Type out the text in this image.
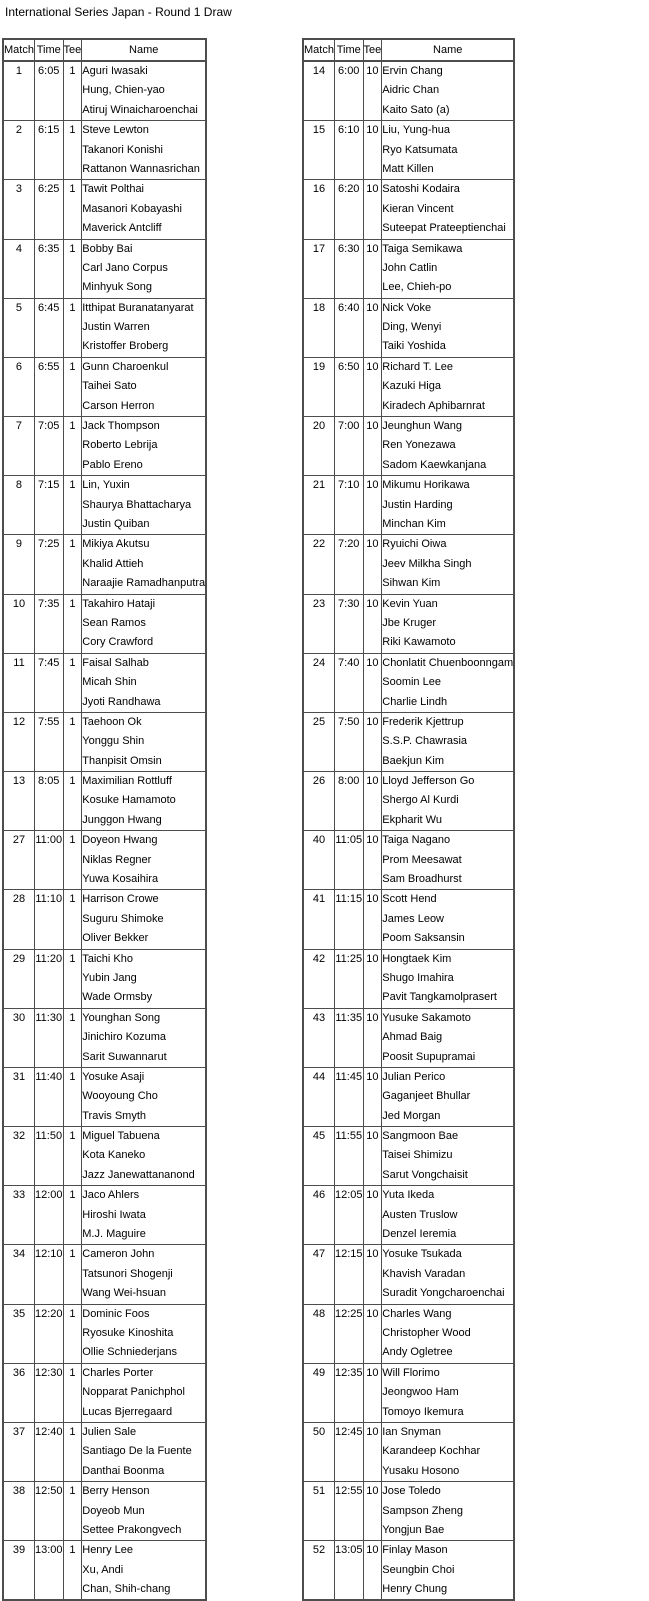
International Series Japan - Round 1 Draw
Match	Time	Tee	Name
1	6:05	1	Aguri Iwasaki
Hung, Chien-yao
Atiruj Winaicharoenchai

2	6:15	1	Steve Lewton
Takanori Konishi
Rattanon Wannasrichan

3	6:25	1	Tawit Polthai
Masanori Kobayashi
Maverick Antcliff

4	6:35	1	Bobby Bai
Carl Jano Corpus
Minhyuk Song

5	6:45	1	Itthipat Buranatanyarat
Justin Warren
Kristoffer Broberg

6	6:55	1	Gunn Charoenkul
Taihei Sato
Carson Herron

7	7:05	1	Jack Thompson
Roberto Lebrija
Pablo Ereno

8	7:15	1	Lin, Yuxin
Shaurya Bhattacharya
Justin Quiban

9	7:25	1	Mikiya Akutsu
Khalid Attieh
Naraajie Ramadhanputra

10	7:35	1	Takahiro Hataji
Sean Ramos
Cory Crawford

11	7:45	1	Faisal Salhab
Micah Shin
Jyoti Randhawa

12	7:55	1	Taehoon Ok
Yonggu Shin
Thanpisit Omsin

13	8:05	1	Maximilian Rottluff
Kosuke Hamamoto
Junggon Hwang

27	11:00	1	Doyeon Hwang
Niklas Regner
Yuwa Kosaihira

28	11:10	1	Harrison Crowe
Suguru Shimoke
Oliver Bekker

29	11:20	1	Taichi Kho
Yubin Jang
Wade Ormsby

30	11:30	1	Younghan Song
Jinichiro Kozuma
Sarit Suwannarut

31	11:40	1	Yosuke Asaji
Wooyoung Cho
Travis Smyth

32	11:50	1	Miguel Tabuena
Kota Kaneko
Jazz Janewattananond

33	12:00	1	Jaco Ahlers
Hiroshi Iwata
M.J. Maguire

34	12:10	1	Cameron John
Tatsunori Shogenji
Wang Wei-hsuan

35	12:20	1	Dominic Foos
Ryosuke Kinoshita
Ollie Schniederjans

36	12:30	1	Charles Porter
Nopparat Panichphol
Lucas Bjerregaard

37	12:40	1	Julien Sale
Santiago De la Fuente
Danthai Boonma

38	12:50	1	Berry Henson
Doyeob Mun
Settee Prakongvech

39	13:00	1	Henry Lee
Xu, Andi
Chan, Shih-chang
Match	Time	Tee	Name
14	6:00	10	Ervin Chang
Aidric Chan
Kaito Sato (a)

15	6:10	10	Liu, Yung-hua
Ryo Katsumata
Matt Killen

16	6:20	10	Satoshi Kodaira
Kieran Vincent
Suteepat Prateeptienchai

17	6:30	10	Taiga Semikawa
John Catlin
Lee, Chieh-po

18	6:40	10	Nick Voke
Ding, Wenyi
Taiki Yoshida

19	6:50	10	Richard T. Lee
Kazuki Higa
Kiradech Aphibarnrat

20	7:00	10	Jeunghun Wang
Ren Yonezawa
Sadom Kaewkanjana

21	7:10	10	Mikumu Horikawa
Justin Harding
Minchan Kim

22	7:20	10	Ryuichi Oiwa
Jeev Milkha Singh
Sihwan Kim

23	7:30	10	Kevin Yuan
Jbe Kruger
Riki Kawamoto

24	7:40	10	Chonlatit Chuenboonngam
Soomin Lee
Charlie Lindh

25	7:50	10	Frederik Kjettrup
S.S.P. Chawrasia
Baekjun Kim

26	8:00	10	Lloyd Jefferson Go
Shergo Al Kurdi
Ekpharit Wu

40	11:05	10	Taiga Nagano
Prom Meesawat
Sam Broadhurst

41	11:15	10	Scott Hend
James Leow
Poom Saksansin

42	11:25	10	Hongtaek Kim
Shugo Imahira
Pavit Tangkamolprasert

43	11:35	10	Yusuke Sakamoto
Ahmad Baig
Poosit Supupramai

44	11:45	10	Julian Perico
Gaganjeet Bhullar
Jed Morgan

45	11:55	10	Sangmoon Bae
Taisei Shimizu
Sarut Vongchaisit

46	12:05	10	Yuta Ikeda
Austen Truslow
Denzel Ieremia

47	12:15	10	Yosuke Tsukada
Khavish Varadan
Suradit Yongcharoenchai

48	12:25	10	Charles Wang
Christopher Wood
Andy Ogletree

49	12:35	10	Will Florimo
Jeongwoo Ham
Tomoyo Ikemura

50	12:45	10	Ian Snyman
Karandeep Kochhar
Yusaku Hosono

51	12:55	10	Jose Toledo
Sampson Zheng
Yongjun Bae

52	13:05	10	Finlay Mason
Seungbin Choi
Henry Chung
